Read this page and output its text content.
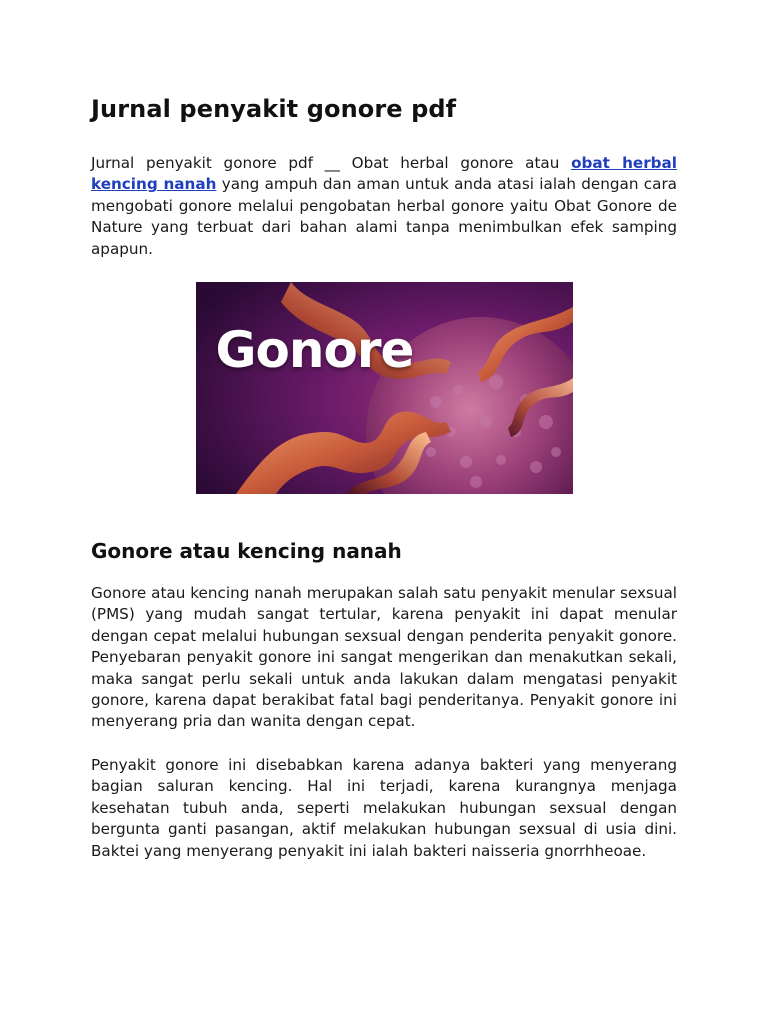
Jurnal penyakit gonore pdf

Jurnal penyakit gonore pdf __ Obat herbal gonore atau obat herbal kencing nanah yang ampuh dan aman untuk anda atasi ialah dengan cara mengobati gonore melalui pengobatan herbal gonore yaitu Obat Gonore de Nature yang terbuat dari bahan alami tanpa menimbulkan efek samping apapun.

Gonore
Gonore atau kencing nanah

Gonore atau kencing nanah merupakan salah satu penyakit menular sexsual (PMS) yang mudah sangat tertular, karena penyakit ini dapat menular dengan cepat melalui hubungan sexsual dengan penderita penyakit gonore. Penyebaran penyakit gonore ini sangat mengerikan dan menakutkan sekali, maka sangat perlu sekali untuk anda lakukan dalam mengatasi penyakit gonore, karena dapat berakibat fatal bagi penderitanya. Penyakit gonore ini menyerang pria dan wanita dengan cepat.

Penyakit gonore ini disebabkan karena adanya bakteri yang menyerang bagian saluran kencing. Hal ini terjadi, karena kurangnya menjaga kesehatan tubuh anda, seperti melakukan hubungan sexsual dengan bergunta ganti pasangan, aktif melakukan hubungan sexsual di usia dini. Baktei yang menyerang penyakit ini ialah bakteri naisseria gnorrhheoae.
